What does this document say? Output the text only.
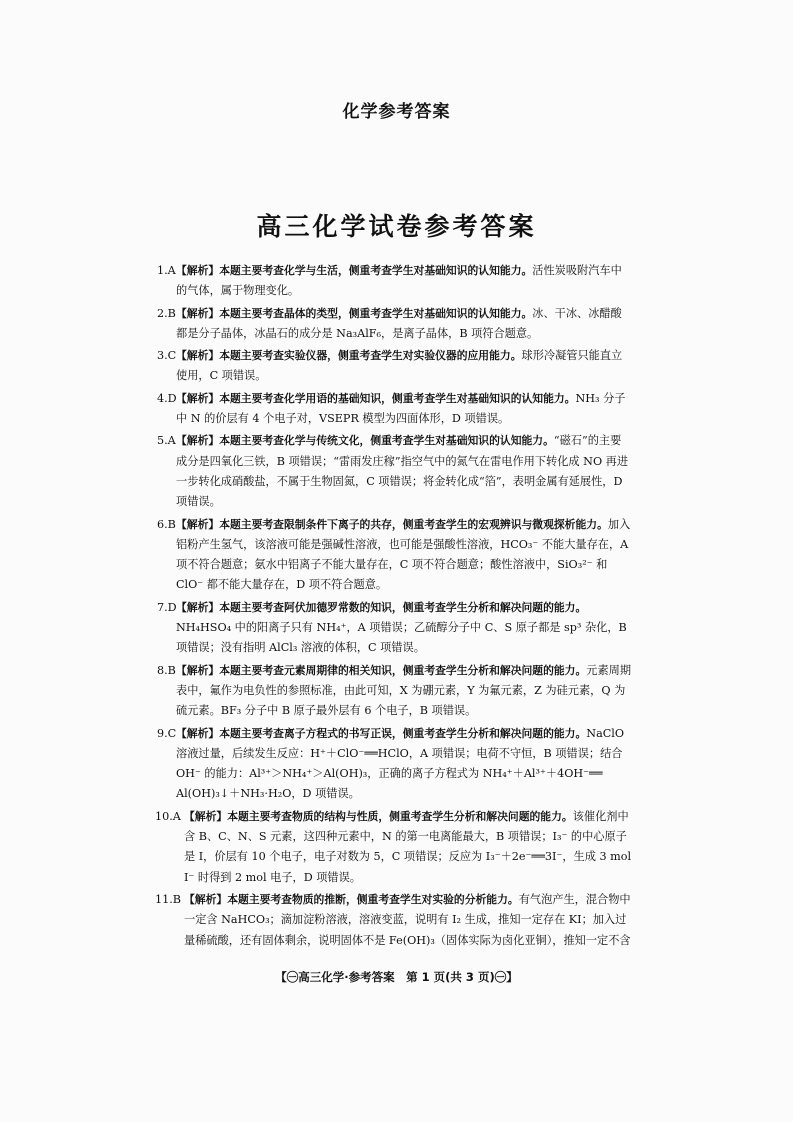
化学参考答案
高三化学试卷参考答案
1.A 【解析】本题主要考查化学与生活，侧重考查学生对基础知识的认知能力。活性炭吸附汽车中的气体，属于物理变化。
2.B 【解析】本题主要考查晶体的类型，侧重考查学生对基础知识的认知能力。冰、干冰、冰醋酸都是分子晶体，冰晶石的成分是 Na₃AlF₆，是离子晶体，B 项符合题意。
3.C 【解析】本题主要考查实验仪器，侧重考查学生对实验仪器的应用能力。球形冷凝管只能直立使用，C 项错误。
4.D 【解析】本题主要考查化学用语的基础知识，侧重考查学生对基础知识的认知能力。NH₃ 分子中 N 的价层有 4 个电子对，VSEPR 模型为四面体形，D 项错误。
5.A 【解析】本题主要考查化学与传统文化，侧重考查学生对基础知识的认知能力。“磁石”的主要成分是四氧化三铁，B 项错误；“雷雨发庄稼”指空气中的氮气在雷电作用下转化成 NO 再进一步转化成硝酸盐，不属于生物固氮，C 项错误；将金转化成“箔”，表明金属有延展性，D 项错误。
6.B 【解析】本题主要考查限制条件下离子的共存，侧重考查学生的宏观辨识与微观探析能力。加入铝粉产生氢气，该溶液可能是强碱性溶液，也可能是强酸性溶液，HCO₃⁻ 不能大量存在，A 项不符合题意；氨水中铝离子不能大量存在，C 项不符合题意；酸性溶液中，SiO₃²⁻ 和 ClO⁻ 都不能大量存在，D 项不符合题意。
7.D 【解析】本题主要考查阿伏加德罗常数的知识，侧重考查学生分析和解决问题的能力。NH₄HSO₄ 中的阳离子只有 NH₄⁺，A 项错误；乙硫醇分子中 C、S 原子都是 sp³ 杂化，B 项错误；没有指明 AlCl₃ 溶液的体积，C 项错误。
8.B 【解析】本题主要考查元素周期律的相关知识，侧重考查学生分析和解决问题的能力。元素周期表中，氟作为电负性的参照标准，由此可知，X 为硼元素，Y 为氟元素，Z 为硅元素，Q 为硫元素。BF₃ 分子中 B 原子最外层有 6 个电子，B 项错误。
9.C 【解析】本题主要考查离子方程式的书写正误，侧重考查学生分析和解决问题的能力。NaClO 溶液过量，后续发生反应：H⁺＋ClO⁻══HClO，A 项错误；电荷不守恒，B 项错误；结合 OH⁻ 的能力：Al³⁺＞NH₄⁺＞Al(OH)₃，正确的离子方程式为 NH₄⁺＋Al³⁺＋4OH⁻══ Al(OH)₃↓＋NH₃·H₂O，D 项错误。
10.A 【解析】本题主要考查物质的结构与性质，侧重考查学生分析和解决问题的能力。该催化剂中含 B、C、N、S 元素，这四种元素中，N 的第一电离能最大，B 项错误；I₃⁻ 的中心原子是 I，价层有 10 个电子，电子对数为 5，C 项错误；反应为 I₃⁻＋2e⁻══3I⁻，生成 3 mol I⁻ 时得到 2 mol 电子，D 项错误。
11.B 【解析】本题主要考查物质的推断，侧重考查学生对实验的分析能力。有气泡产生，混合物中一定含 NaHCO₃；滴加淀粉溶液，溶液变蓝，说明有 I₂ 生成，推知一定存在 KI；加入过量稀硫酸，还有固体剩余，说明固体不是 Fe(OH)₃（固体实际为卤化亚铜），推知一定不含
【㊀高三化学·参考答案　第 1 页(共 3 页)㊀】
